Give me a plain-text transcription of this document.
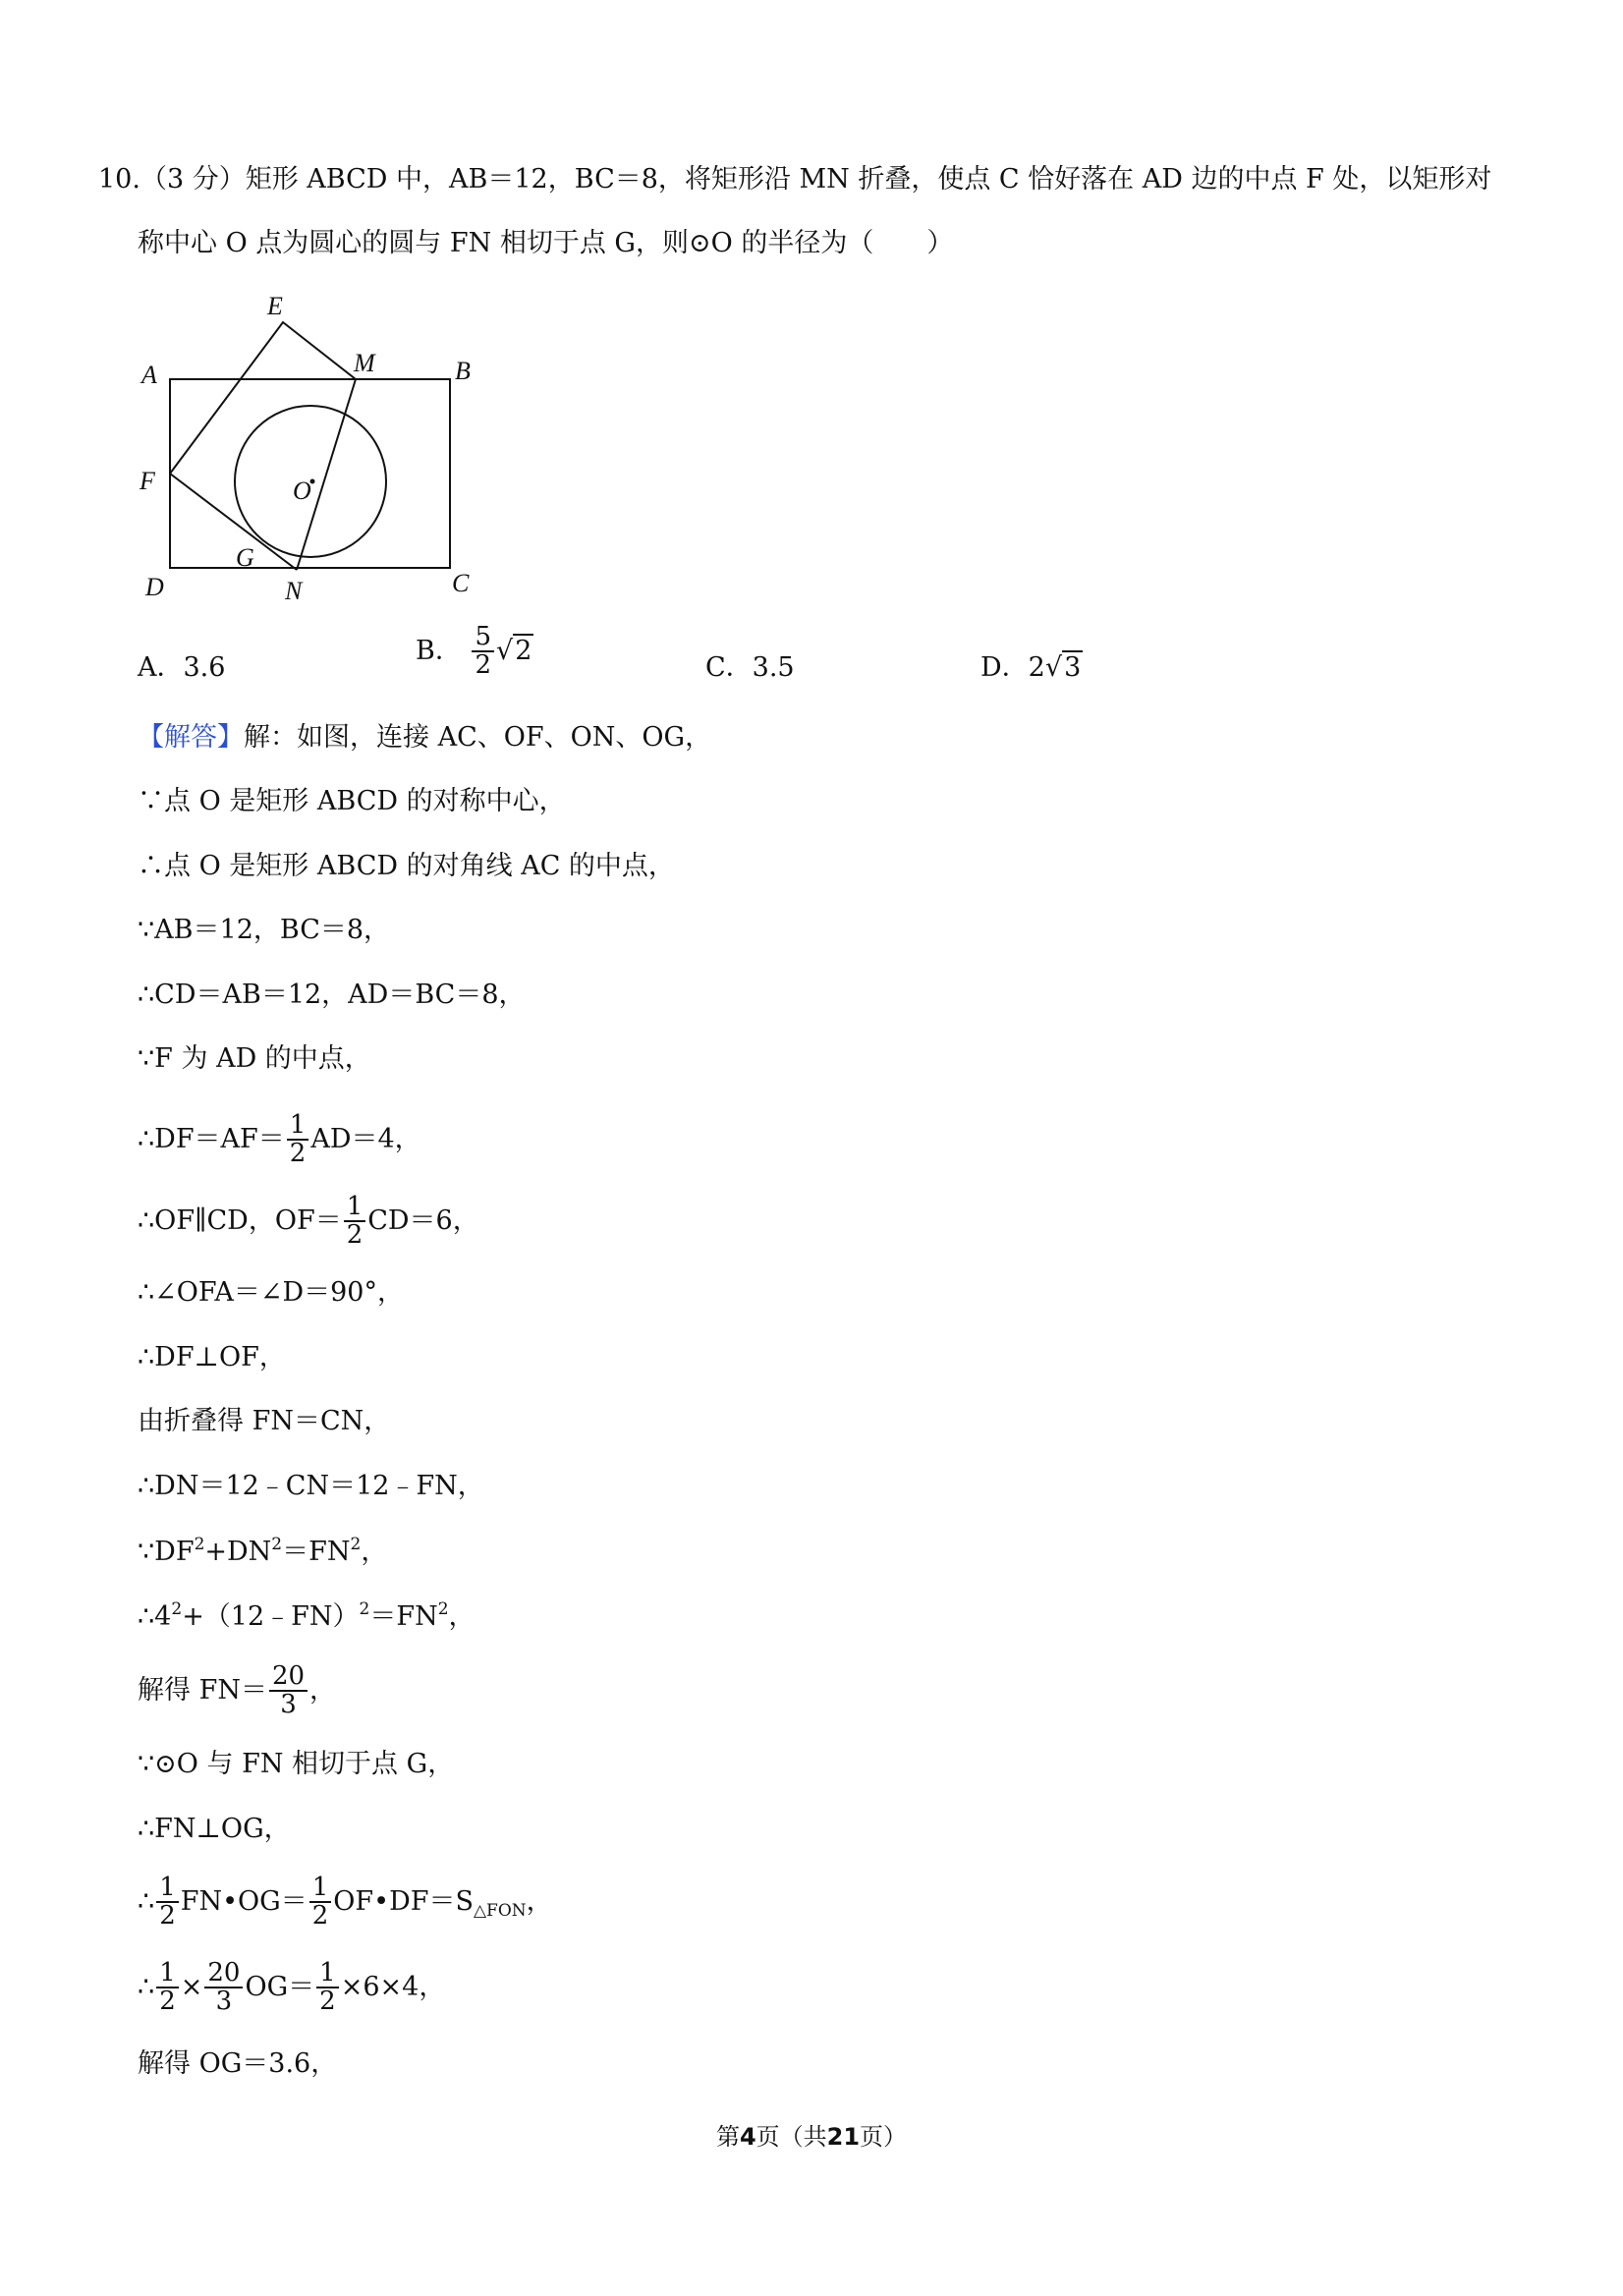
10.（3 分）矩形 ABCD 中，AB＝12，BC＝8，将矩形沿 MN 折叠，使点 C 恰好落在 AD 边的中点 F 处，以矩形对
称中心 O 点为圆心的圆与 FN 相切于点 G，则⊙O 的半径为（　　）
A	B
C
D
E
F
G
M
N
O
A．3.6
B． $\frac{5}{2} √2$
C．3.5	D．2√3
【解答】解：如图，连接 AC、OF、ON、OG，
∵点 O 是矩形 ABCD 的对称中心，
∴点 O 是矩形 ABCD 的对角线 AC 的中点，
∵AB＝12，BC＝8，
∴CD＝AB＝12，AD＝BC＝8，
∵F 为 AD 的中点，
∴DF＝AF＝ $\frac{1}{2} AD=4$，
∴OF∥CD，$OF= \frac{1}{2} CD=6$，
∴∠OFA＝∠D＝90°，
∴DF⊥OF，
由折叠得 FN＝CN，
∴DN＝12﹣CN＝12﹣FN，
$\because DF^2+DN^2=FN^2$，
$\therefore 4^2+(12﹣FN)^2=FN^2$，
解得 $FN= \frac{20}{3}$ ，
∵⊙O 与 FN 相切于点 G，
∴FN⊥OG，
∴ $\frac{1}{2}$ FN•OG＝ $\frac{1}{2}$ $OF•DF=S_{\triangle FON}$，
∴ $\frac{1}{2} \times \frac{20}{3} OG= \frac{1}{2} \times 6\times 4$，
解得 OG＝3.6，
第4页（共21页）
